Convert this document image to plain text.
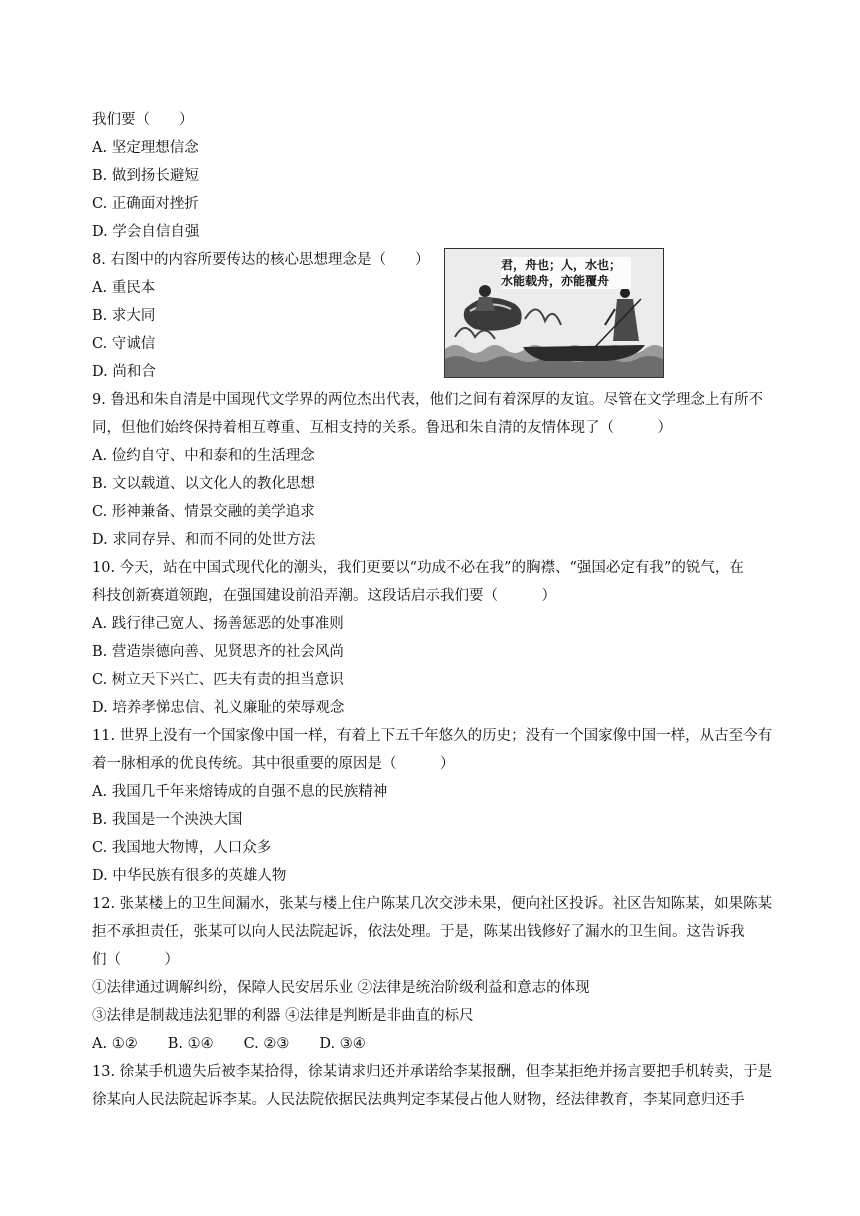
我们要（　　）
A. 坚定理想信念
B. 做到扬长避短
C. 正确面对挫折
D. 学会自信自强
8. 右图中的内容所要传达的核心思想理念是（　　）
A. 重民本
B. 求大同
C. 守诚信
D. 尚和合
9. 鲁迅和朱自清是中国现代文学界的两位杰出代表，他们之间有着深厚的友谊。尽管在文学理念上有所不
同，但他们始终保持着相互尊重、互相支持的关系。鲁迅和朱自清的友情体现了（　　　）
A. 俭约自守、中和泰和的生活理念
B. 文以载道、以文化人的教化思想
C. 形神兼备、情景交融的美学追求
D. 求同存异、和而不同的处世方法
10. 今天，站在中国式现代化的潮头，我们更要以“功成不必在我”的胸襟、“强国必定有我”的锐气，在
科技创新赛道领跑，在强国建设前沿弄潮。这段话启示我们要（　　　）
A. 践行律己宽人、扬善惩恶的处事准则
B. 营造崇德向善、见贤思齐的社会风尚
C. 树立天下兴亡、匹夫有责的担当意识
D. 培养孝悌忠信、礼义廉耻的荣辱观念
11. 世界上没有一个国家像中国一样，有着上下五千年悠久的历史；没有一个国家像中国一样，从古至今有
着一脉相承的优良传统。其中很重要的原因是（　　　）
A. 我国几千年来熔铸成的自强不息的民族精神
B. 我国是一个泱泱大国
C. 我国地大物博，人口众多
D. 中华民族有很多的英雄人物
12. 张某楼上的卫生间漏水，张某与楼上住户陈某几次交涉未果，便向社区投诉。社区告知陈某，如果陈某
拒不承担责任，张某可以向人民法院起诉，依法处理。于是，陈某出钱修好了漏水的卫生间。这告诉我
们（　　　）
①法律通过调解纠纷，保障人民安居乐业 ②法律是统治阶级利益和意志的体现
③法律是制裁违法犯罪的利器 ④法律是判断是非曲直的标尺
A. ①② B. ①④ C. ②③ D. ③④
13. 徐某手机遗失后被李某拾得，徐某请求归还并承诺给李某报酬，但李某拒绝并扬言要把手机转卖，于是
徐某向人民法院起诉李某。人民法院依据民法典判定李某侵占他人财物，经法律教育，李某同意归还手
君，舟也；人，水也；
水能载舟，亦能覆舟
